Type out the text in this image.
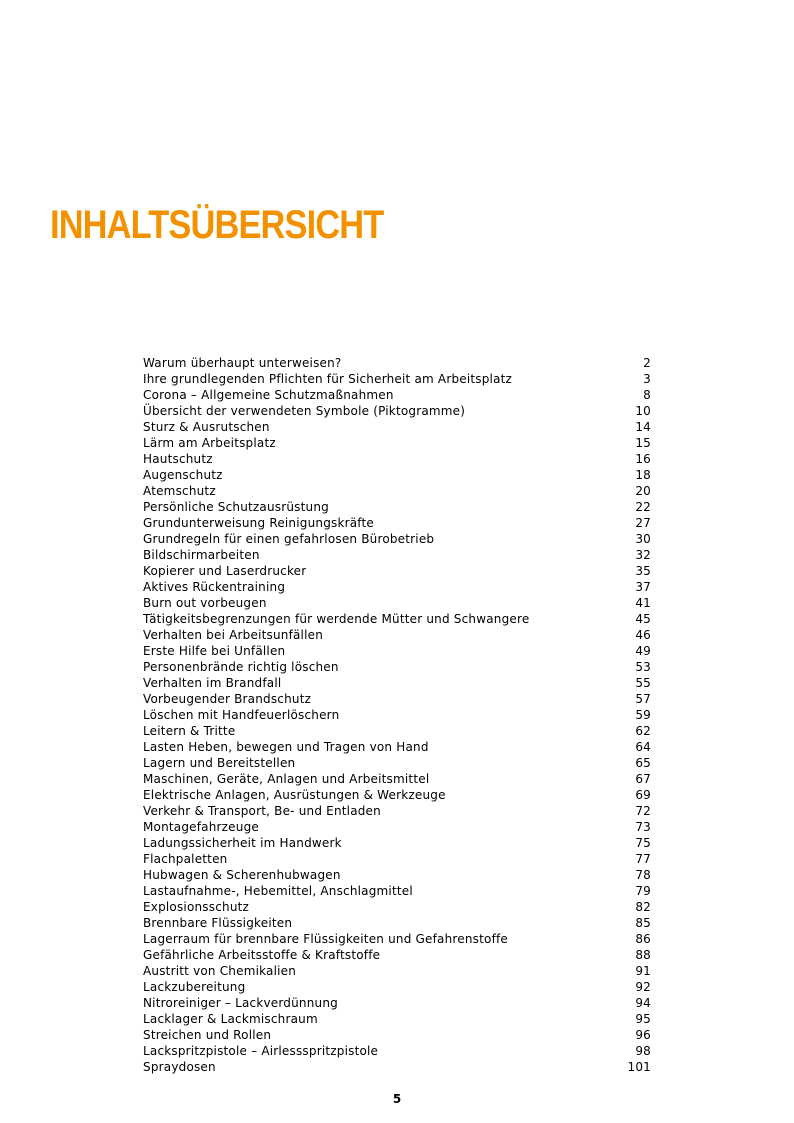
INHALTSÜBERSICHT
Warum überhaupt unterweisen?	2
Ihre grundlegenden Pflichten für Sicherheit am Arbeitsplatz	3
Corona – Allgemeine Schutzmaßnahmen	8
Übersicht der verwendeten Symbole (Piktogramme)	10
Sturz & Ausrutschen	14
Lärm am Arbeitsplatz	15
Hautschutz	16
Augenschutz	18
Atemschutz	20
Persönliche Schutzausrüstung	22
Grundunterweisung Reinigungskräfte	27
Grundregeln für einen gefahrlosen Bürobetrieb	30
Bildschirmarbeiten	32
Kopierer und Laserdrucker	35
Aktives Rückentraining	37
Burn out vorbeugen	41
Tätigkeitsbegrenzungen für werdende Mütter und Schwangere	45
Verhalten bei Arbeitsunfällen	46
Erste Hilfe bei Unfällen	49
Personenbrände richtig löschen	53
Verhalten im Brandfall	55
Vorbeugender Brandschutz	57
Löschen mit Handfeuerlöschern	59
Leitern & Tritte	62
Lasten Heben, bewegen und Tragen von Hand	64
Lagern und Bereitstellen	65
Maschinen, Geräte, Anlagen und Arbeitsmittel	67
Elektrische Anlagen, Ausrüstungen & Werkzeuge	69
Verkehr & Transport, Be- und Entladen	72
Montagefahrzeuge	73
Ladungssicherheit im Handwerk	75
Flachpaletten	77
Hubwagen & Scherenhubwagen	78
Lastaufnahme-, Hebemittel, Anschlagmittel	79
Explosionsschutz	82
Brennbare Flüssigkeiten	85
Lagerraum für brennbare Flüssigkeiten und Gefahrenstoffe	86
Gefährliche Arbeitsstoffe & Kraftstoffe	88
Austritt von Chemikalien	91
Lackzubereitung	92
Nitroreiniger – Lackverdünnung	94
Lacklager & Lackmischraum	95
Streichen und Rollen	96
Lackspritzpistole – Airlessspritzpistole	98
Spraydosen	101
5
